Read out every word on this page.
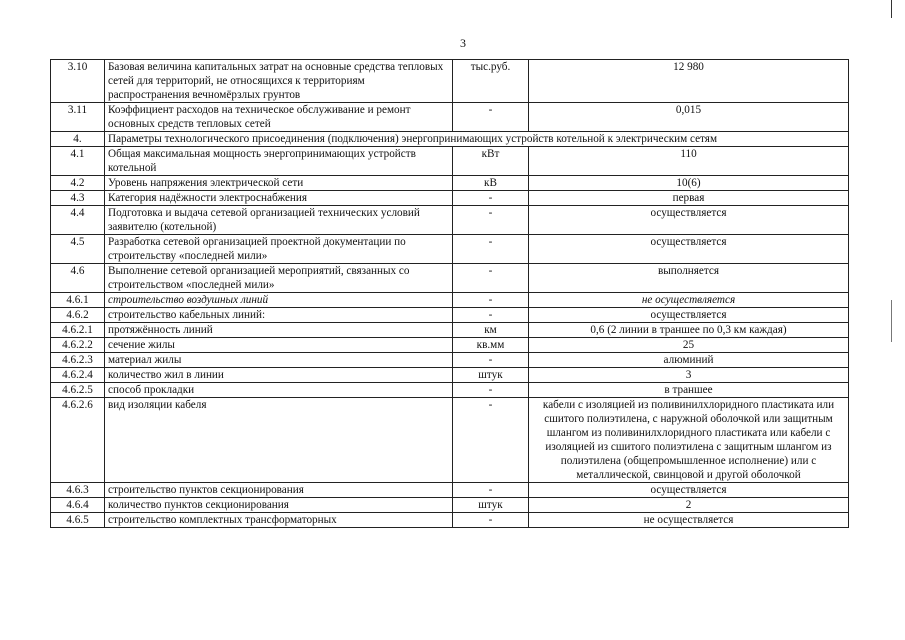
3
3.10	Базовая величина капитальных затрат на основные средства тепловых сетей для территорий, не относящихся к территориям распространения вечномёрзлых грунтов	тыс.руб.	12 980
3.11	Коэффициент расходов на техническое обслуживание и ремонт основных средств тепловых сетей	-	0,015
4.	Параметры технологического присоединения (подключения) энергопринимающих устройств котельной к электрическим сетям		
4.1	Общая максимальная мощность энергопринимающих устройств котельной	кВт	110
4.2	Уровень напряжения электрической сети	кВ	10(6)
4.3	Категория надёжности электроснабжения	-	первая
4.4	Подготовка и выдача сетевой организацией технических условий заявителю (котельной)	-	осуществляется
4.5	Разработка сетевой организацией проектной документации по строительству «последней мили»	-	осуществляется
4.6	Выполнение сетевой организацией мероприятий, связанных со строительством «последней мили»	-	выполняется
4.6.1	строительство воздушных линий	-	не осуществляется
4.6.2	строительство кабельных линий:	-	осуществляется
4.6.2.1	протяжённость линий	км	0,6 (2 линии в траншее по 0,3 км каждая)
4.6.2.2	сечение жилы	кв.мм	25
4.6.2.3	материал жилы	-	алюминий
4.6.2.4	количество жил в линии	штук	3
4.6.2.5	способ прокладки	-	в траншее
4.6.2.6	вид изоляции кабеля	-	кабели с изоляцией из поливинилхлоридного пластиката или сшитого полиэтилена, с наружной оболочкой или защитным шлангом из поливинилхлоридного пластиката или кабели с изоляцией из сшитого полиэтилена с защитным шлангом из полиэтилена (общепромышленное исполнение) или с металлической, свинцовой и другой оболочкой
4.6.3	строительство пунктов секционирования	-	осуществляется
4.6.4	количество пунктов секционирования	штук	2
4.6.5	строительство комплектных трансформаторных	-	не осуществляется
